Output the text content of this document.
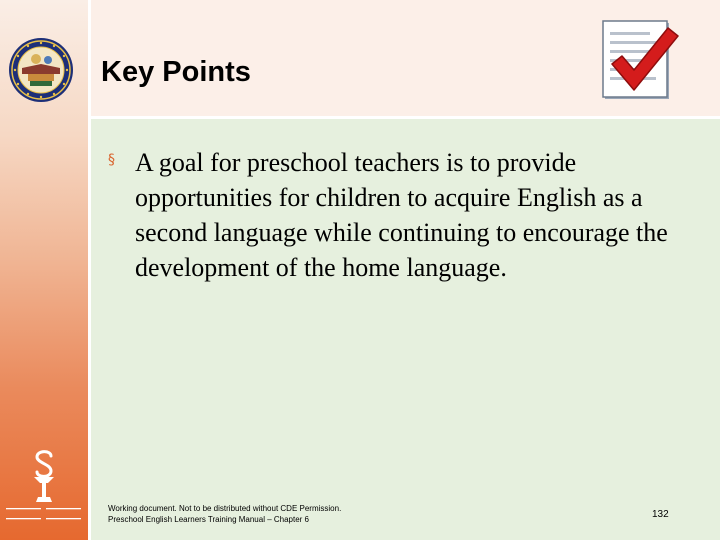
Key Points
§ A goal for preschool teachers is to provide opportunities for children to acquire English as a second language while continuing to encourage the development of the home language.

Working document. Not to be distributed without CDE Permission.
Preschool English Learners Training Manual – Chapter 6	132
